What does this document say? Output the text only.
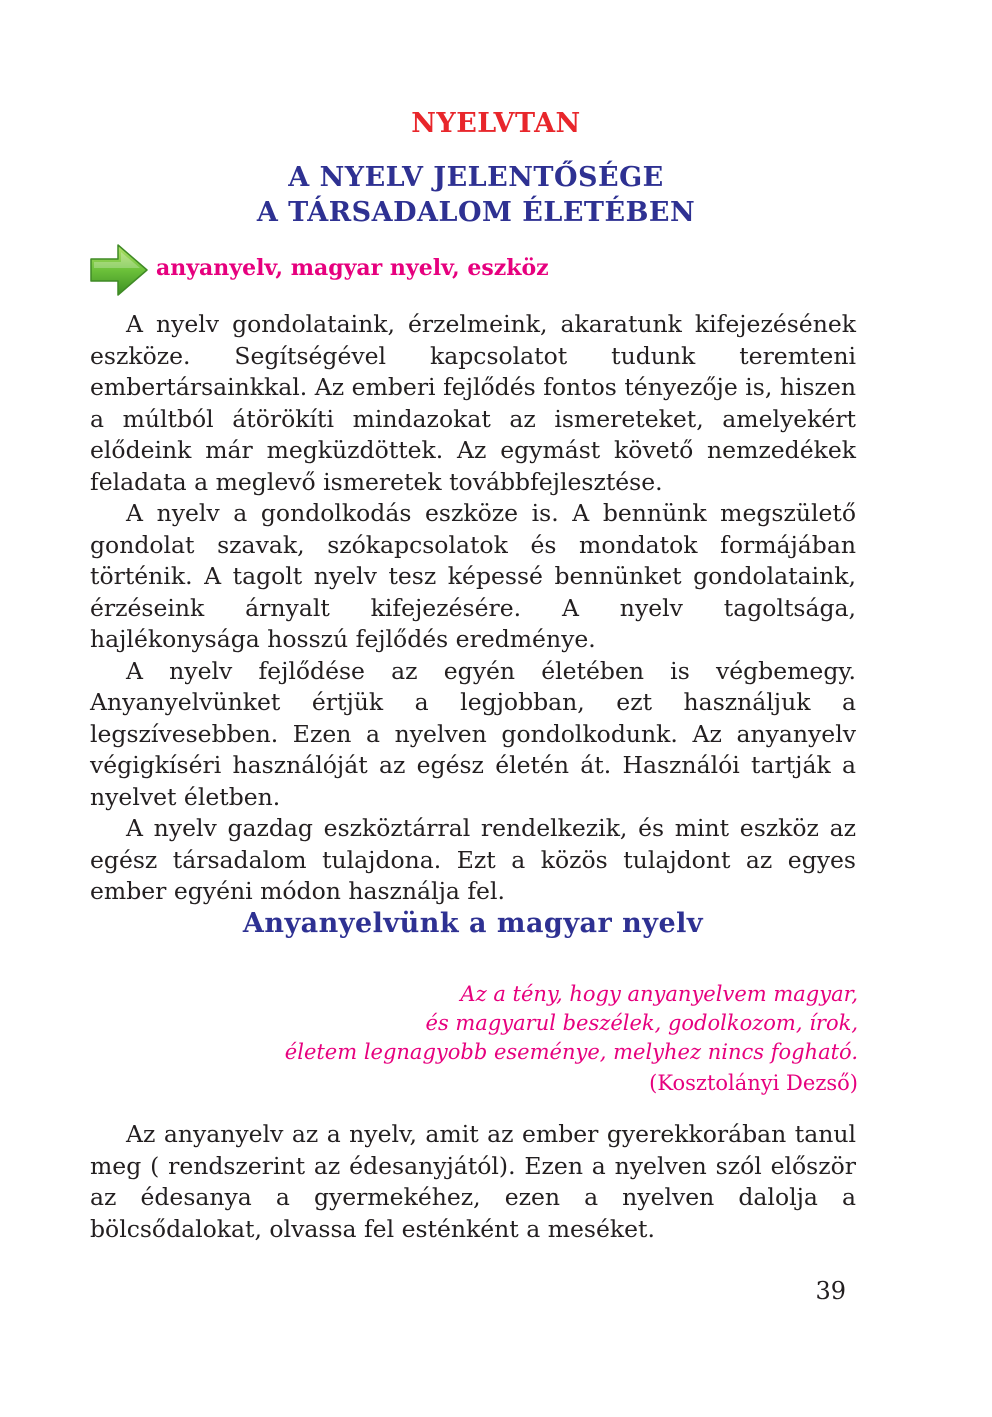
NYELVTAN
A NYELV JELENTŐSÉGE
A TÁRSADALOM ÉLETÉBEN
anyanyelv, magyar nyelv, eszköz

A nyelv gondolataink, érzelmeink, akaratunk kifejezésének eszköze. Segítségével kapcsolatot tudunk teremteni embertársainkkal. Az emberi fejlődés fontos tényezője is, hiszen a múltból átörökíti mindazokat az ismereteket, amelyekért elődeink már megküzdöttek. Az egymást követő nemzedékek feladata a meglevő ismeretek továbbfejlesztése.

A nyelv a gondolkodás eszköze is. A bennünk megszülető gondolat szavak, szókapcsolatok és mondatok formájában történik. A tagolt nyelv tesz képessé bennünket gondolataink, érzéseink árnyalt kifejezésére. A nyelv tagoltsága, hajlékonysága hosszú fejlődés eredménye.

A nyelv fejlődése az egyén életében is végbemegy. Anyanyelvünket értjük a legjobban, ezt használjuk a legszívesebben. Ezen a nyelven gondolkodunk. Az anyanyelv végigkíséri használóját az egész életén át. Használói tartják a nyelvet életben.

A nyelv gazdag eszköztárral rendelkezik, és mint eszköz az egész társadalom tulajdona. Ezt a közös tulajdont az egyes ember egyéni módon használja fel.

Anyanyelvünk a magyar nyelv
Az a tény, hogy anyanyelvem magyar,
és magyarul beszélek, godolkozom, írok,
életem legnagyobb eseménye, melyhez nincs fogható.
(Kosztolányi Dezső)

Az anyanyelv az a nyelv, amit az ember gyerekkorában tanul meg ( rendszerint az édesanyjától). Ezen a nyelven szól először az édesanya a gyermekéhez, ezen a nyelven dalolja a bölcsődalokat, olvassa fel esténként a meséket.

39
